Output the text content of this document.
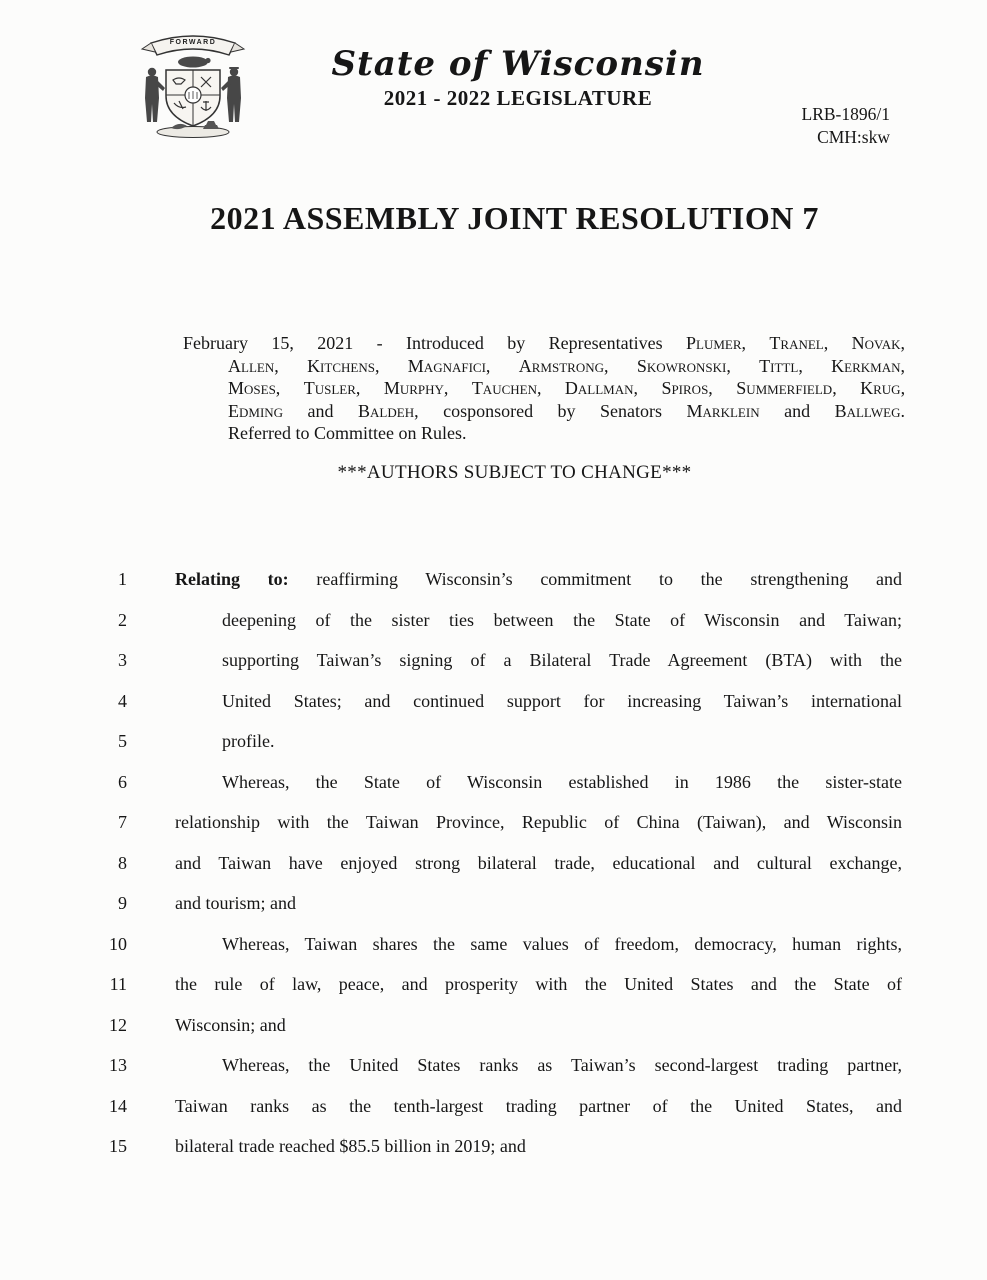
FORWARD
State of Wisconsin
2021 - 2022 LEGISLATURE
LRB-1896/1
CMH:skw
2021 ASSEMBLY JOINT RESOLUTION 7
February 15, 2021 - Introduced by Representatives Plumer, Tranel, Novak,
Allen, Kitchens, Magnafici, Armstrong, Skowronski, Tittl, Kerkman,
Moses, Tusler, Murphy, Tauchen, Dallman, Spiros, Summerfield, Krug,
Edming and Baldeh, cosponsored by Senators Marklein and Ballweg.
Referred to Committee on Rules.
***AUTHORS SUBJECT TO CHANGE***
1	Relating to: reaffirming Wisconsin’s commitment to the strengthening and
2	deepening of the sister ties between the State of Wisconsin and Taiwan;
3	supporting Taiwan’s signing of a Bilateral Trade Agreement (BTA) with the
4	United States; and continued support for increasing Taiwan’s international
5	profile.
6	Whereas, the State of Wisconsin established in 1986 the sister-state
7	relationship with the Taiwan Province, Republic of China (Taiwan), and Wisconsin
8	and Taiwan have enjoyed strong bilateral trade, educational and cultural exchange,
9	and tourism; and
10	Whereas, Taiwan shares the same values of freedom, democracy, human rights,
11	the rule of law, peace, and prosperity with the United States and the State of
12	Wisconsin; and
13	Whereas, the United States ranks as Taiwan’s second-largest trading partner,
14	Taiwan ranks as the tenth-largest trading partner of the United States, and
15	bilateral trade reached $85.5 billion in 2019; and
